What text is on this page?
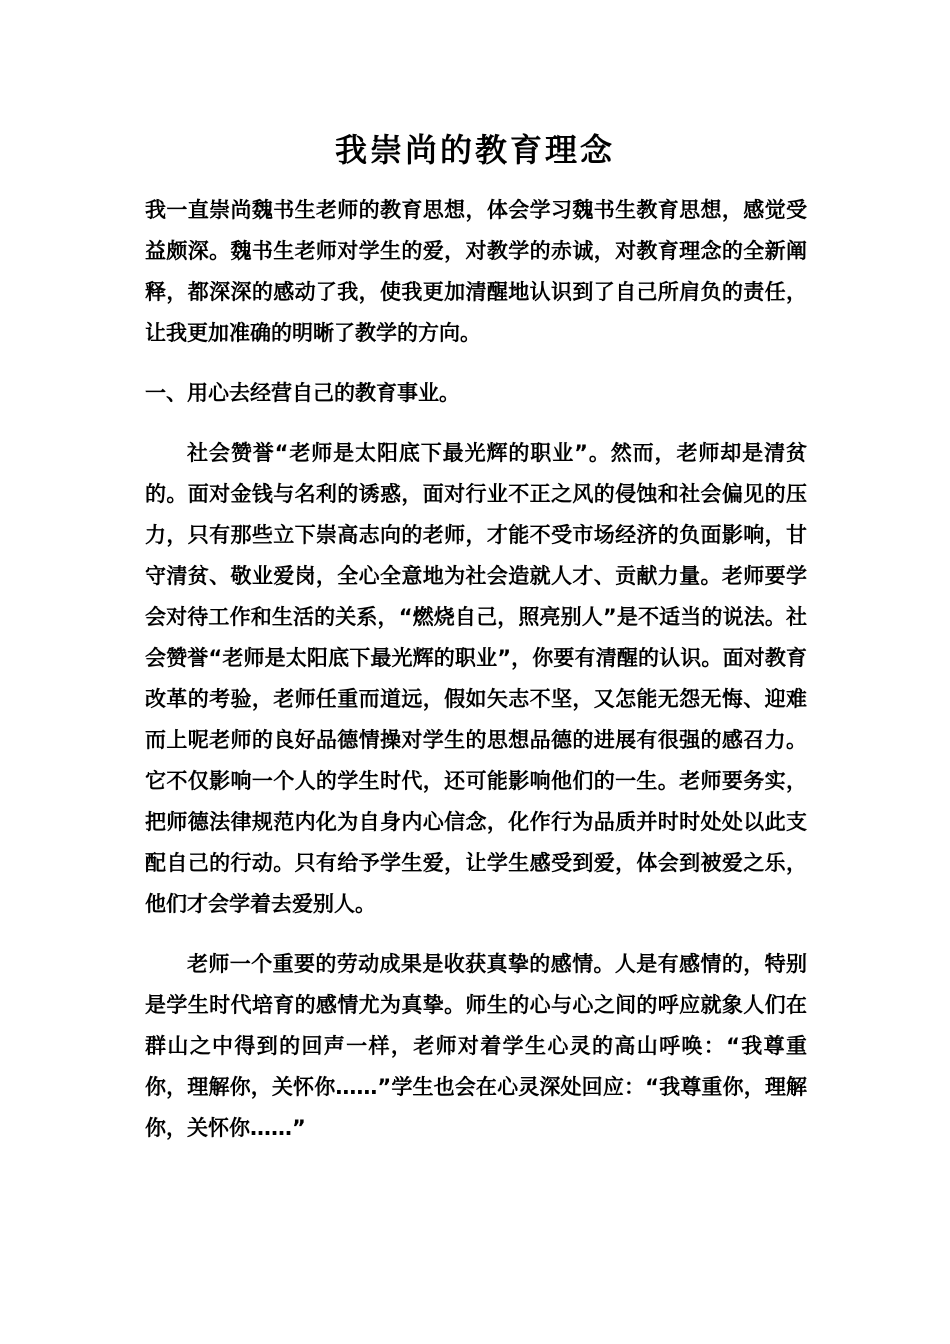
我崇尚的教育理念

我一直崇尚魏书生老师的教育思想，体会学习魏书生教育思想，感觉受益颇深。魏书生老师对学生的爱，对教学的赤诚，对教育理念的全新阐释，都深深的感动了我，使我更加清醒地认识到了自己所肩负的责任，让我更加准确的明晰了教学的方向。

一、用心去经营自己的教育事业。

社会赞誉“老师是太阳底下最光辉的职业”。然而，老师却是清贫的。面对金钱与名利的诱惑，面对行业不正之风的侵蚀和社会偏见的压力，只有那些立下崇高志向的老师，才能不受市场经济的负面影响，甘守清贫、敬业爱岗，全心全意地为社会造就人才、贡献力量。老师要学会对待工作和生活的关系，“燃烧自己，照亮别人”是不适当的说法。社会赞誉“老师是太阳底下最光辉的职业”，你要有清醒的认识。面对教育改革的考验，老师任重而道远，假如矢志不坚，又怎能无怨无悔、迎难而上呢老师的良好品德情操对学生的思想品德的进展有很强的感召力。它不仅影响一个人的学生时代，还可能影响他们的一生。老师要务实，把师德法律规范内化为自身内心信念，化作行为品质并时时处处以此支配自己的行动。只有给予学生爱，让学生感受到爱，体会到被爱之乐，他们才会学着去爱别人。

老师一个重要的劳动成果是收获真挚的感情。人是有感情的，特别是学生时代培育的感情尤为真挚。师生的心与心之间的呼应就象人们在群山之中得到的回声一样，老师对着学生心灵的高山呼唤：“我尊重你，理解你，关怀你……”学生也会在心灵深处回应：“我尊重你，理解你，关怀你……”
